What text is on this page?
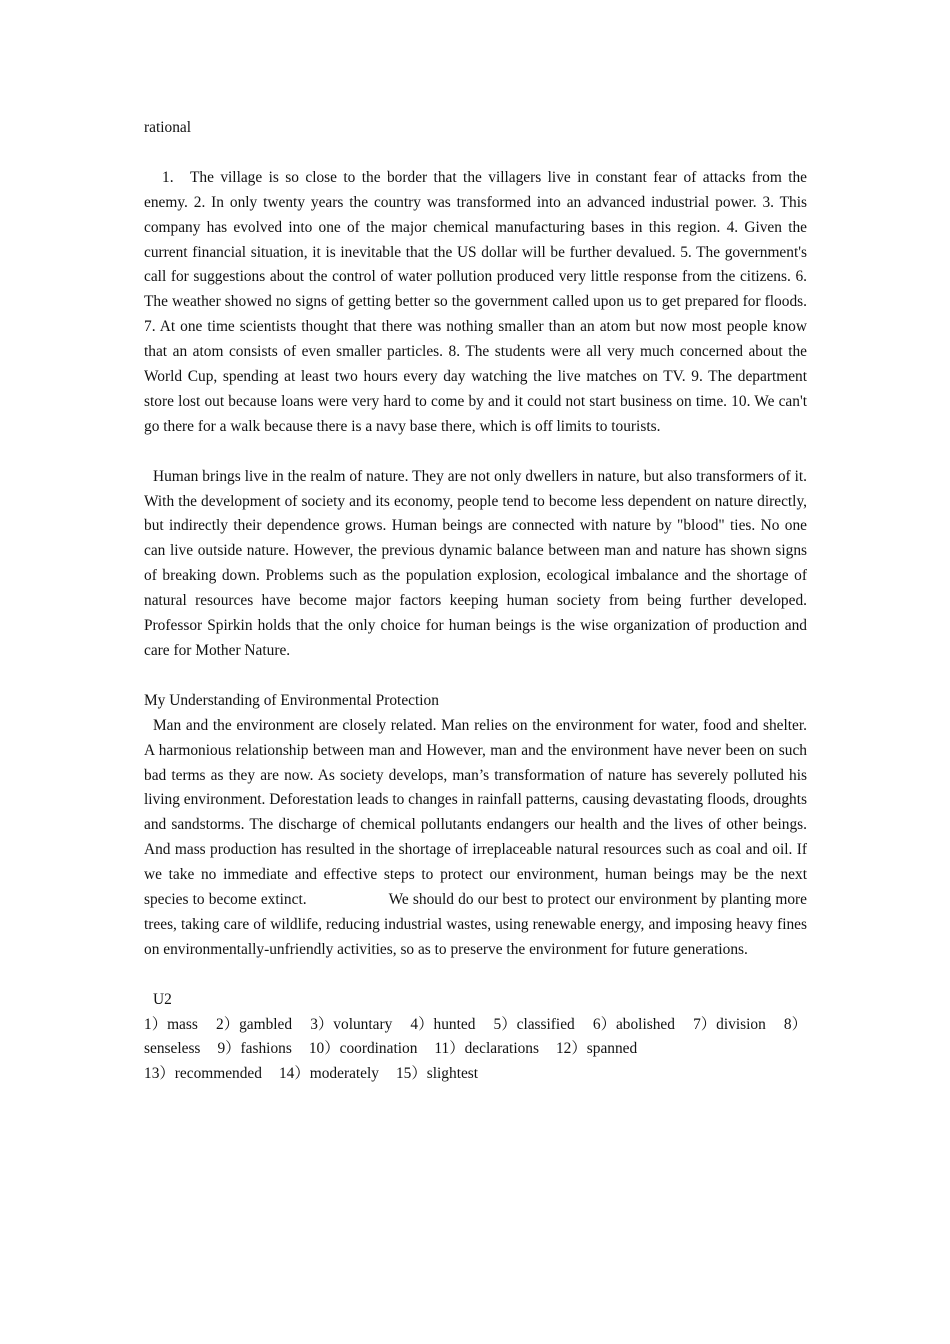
rational

1. The village is so close to the border that the villagers live in constant fear of attacks from the enemy. 2. In only twenty years the country was transformed into an advanced industrial power. 3. This company has evolved into one of the major chemical manufacturing bases in this region. 4. Given the current financial situation, it is inevitable that the US dollar will be further devalued. 5. The government's call for suggestions about the control of water pollution produced very little response from the citizens. 6. The weather showed no signs of getting better so the government called upon us to get prepared for floods. 7. At one time scientists thought that there was nothing smaller than an atom but now most people know that an atom consists of even smaller particles. 8. The students were all very much concerned about the World Cup, spending at least two hours every day watching the live matches on TV. 9. The department store lost out because loans were very hard to come by and it could not start business on time. 10. We can't go there for a walk because there is a navy base there, which is off limits to tourists.

Human brings live in the realm of nature. They are not only dwellers in nature, but also transformers of it. With the development of society and its economy, people tend to become less dependent on nature directly, but indirectly their dependence grows. Human beings are connected with nature by "blood" ties. No one can live outside nature. However, the previous dynamic balance between man and nature has shown signs of breaking down. Problems such as the population explosion, ecological imbalance and the shortage of natural resources have become major factors keeping human society from being further developed. Professor Spirkin holds that the only choice for human beings is the wise organization of production and care for Mother Nature.

My Understanding of Environmental Protection

Man and the environment are closely related. Man relies on the environment for water, food and shelter. A harmonious relationship between man and However, man and the environment have never been on such bad terms as they are now. As society develops, man’s transformation of nature has severely polluted his living environment. Deforestation leads to changes in rainfall patterns, causing devastating floods, droughts and sandstorms. The discharge of chemical pollutants endangers our health and the lives of other beings. And mass production has resulted in the shortage of irreplaceable natural resources such as coal and oil. If we take no immediate and effective steps to protect our environment, human beings may be the next species to become extinct.	We should do our best to protect our environment by planting more trees, taking care of wildlife, reducing industrial wastes, using renewable energy, and imposing heavy fines on environmentally-unfriendly activities, so as to preserve the environment for future generations.

U2

1）mass 2）gambled 3）voluntary 4）hunted 5）classified 6）abolished 7）division 8）

senseless 9）fashions 10）coordination 11）declarations 12）spanned

13）recommended 14）moderately 15）slightest
